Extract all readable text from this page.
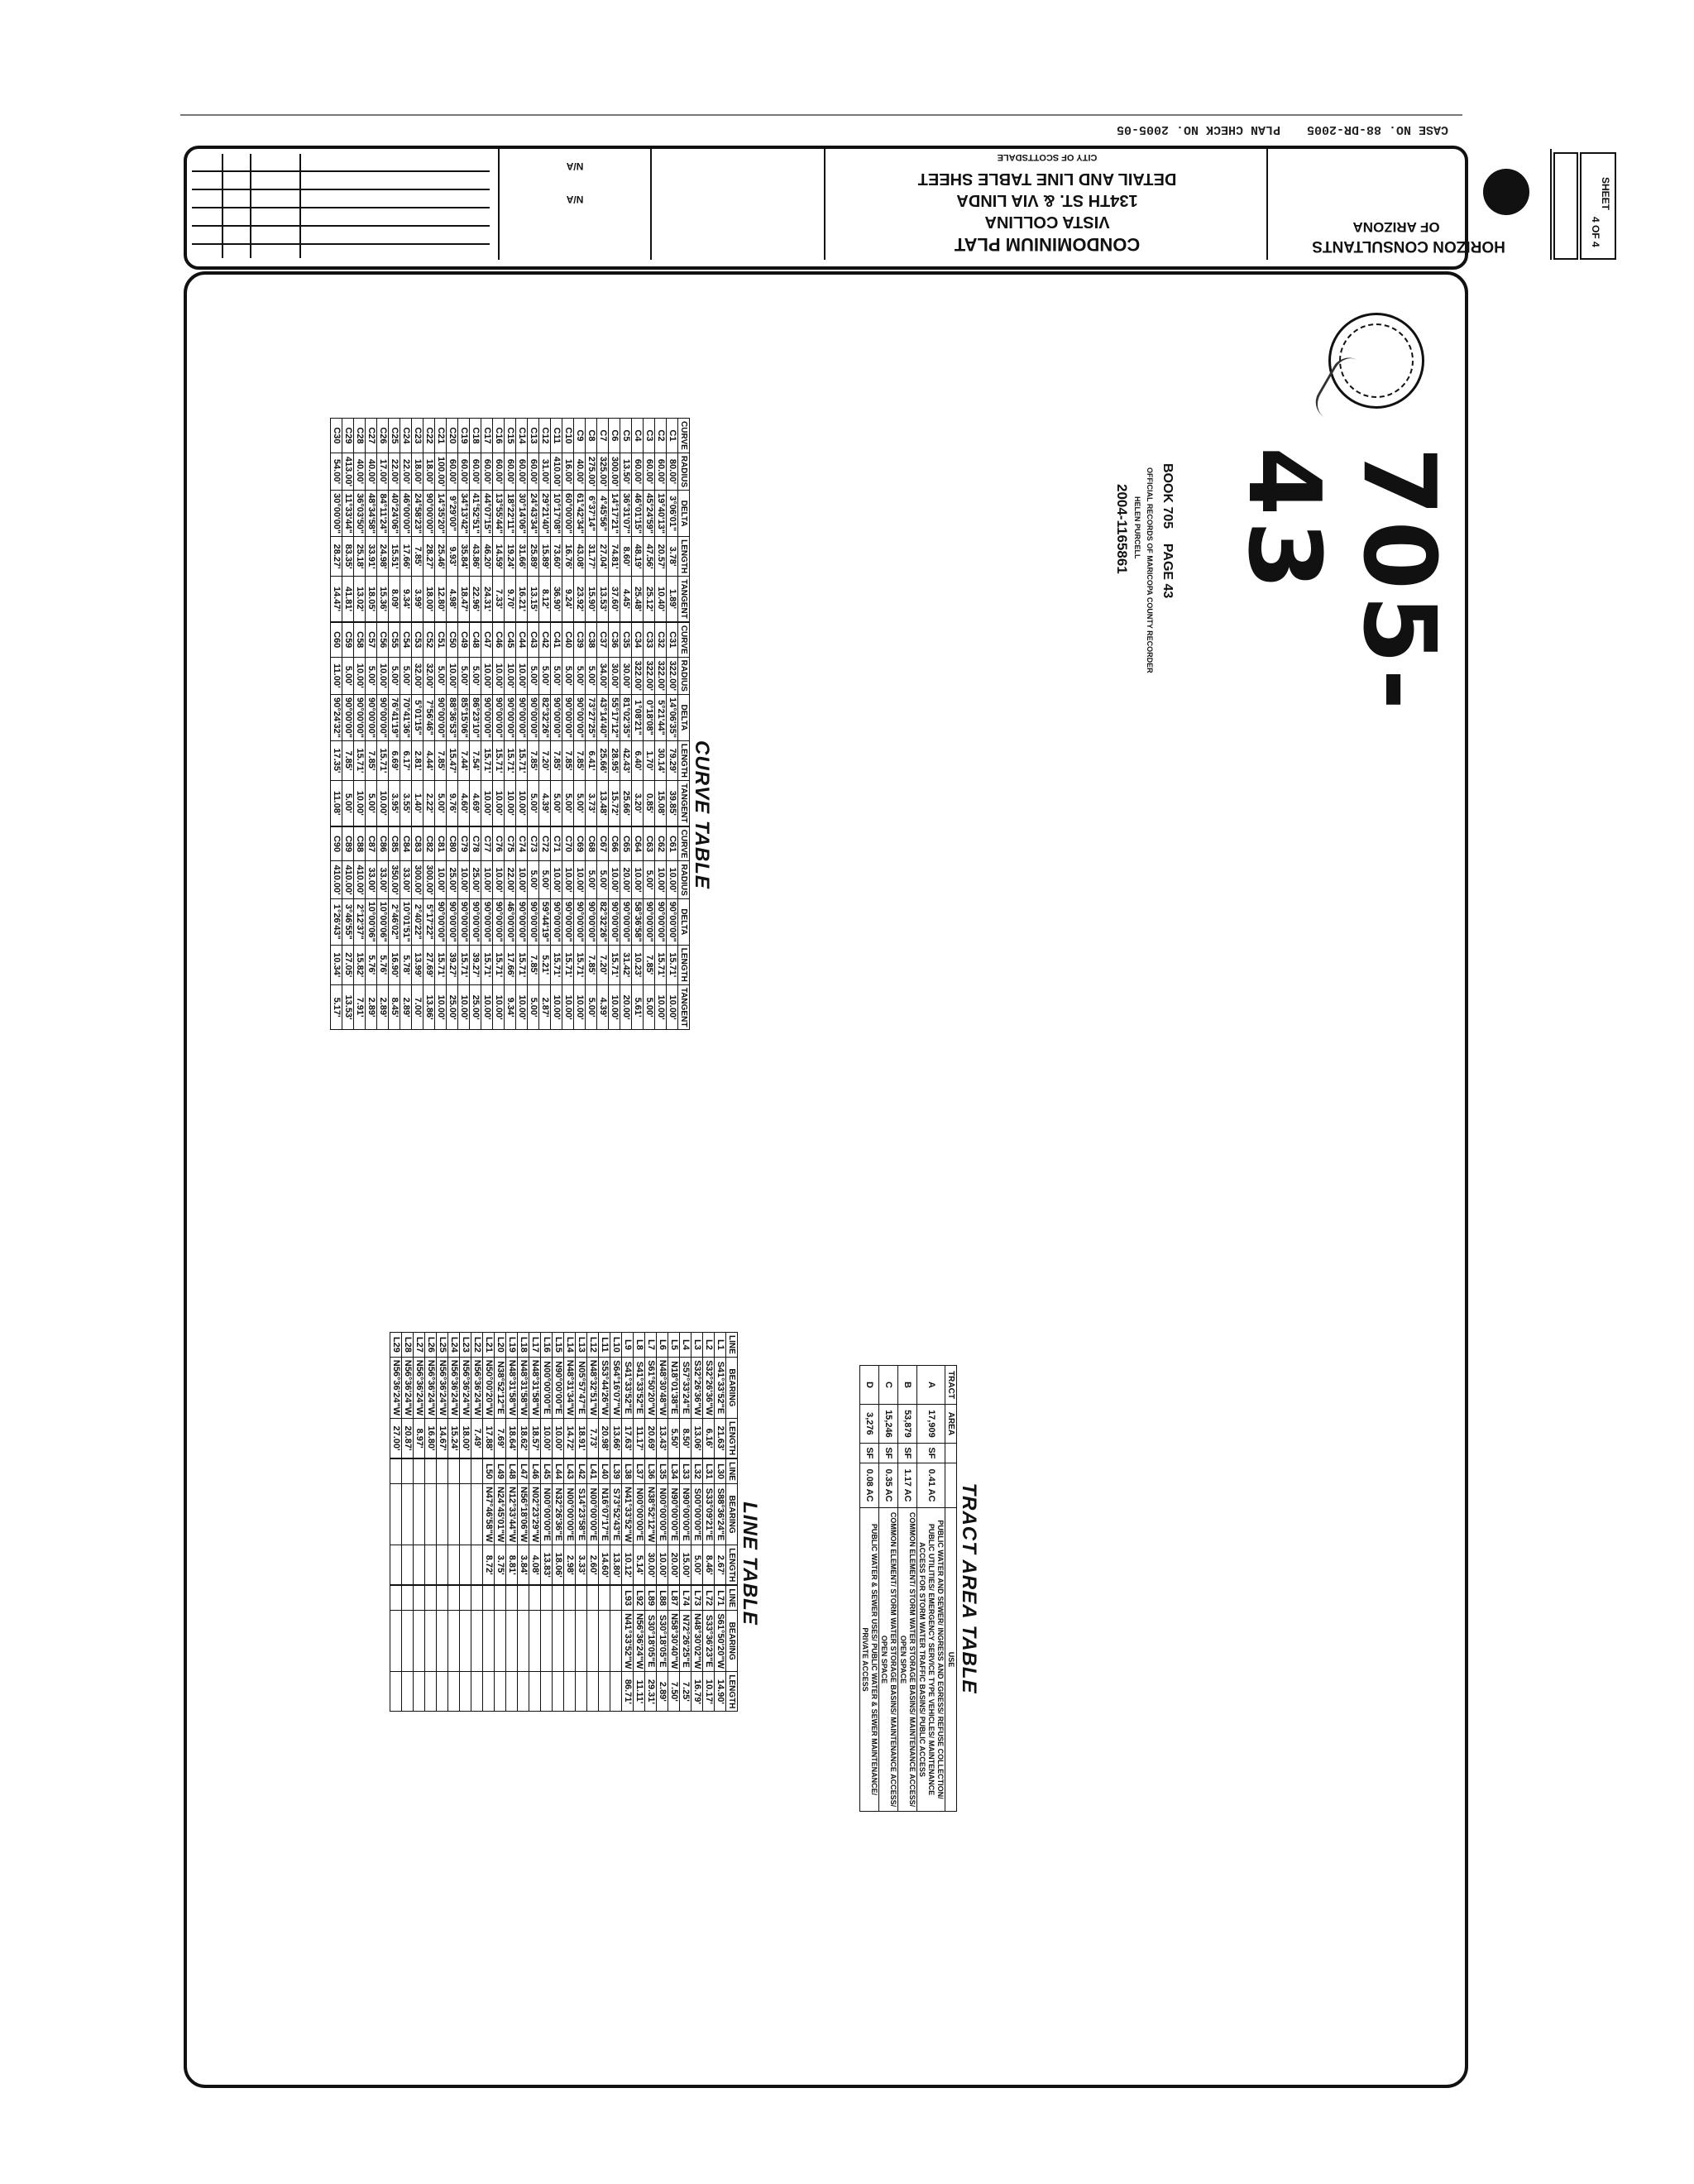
CASE NO. 88-DR-2005
PLAN CHECK NO. 2005-05
N/A
N/A
CITY OF SCOTTSDALE
DETAIL AND LINE TABLE SHEET
134TH ST. & VIA LINDA
VISTA COLLINA
CONDOMINIUM PLAT
OF ARIZONA
HORIZON CONSULTANTS
SHEET
4 OF 4
BOOK 705    PAGE 43
OFFICIAL RECORDS OF MARICOPA COUNTY RECORDER
HELEN PURCELL
2004-1165861	705-43
CURVE TABLE
CURVE	RADIUS	DELTA	LENGTH	TANGENT
C1	80.00'	3°06'01"	3.78'	1.89'
C2	60.00'	19°40'13"	20.57'	10.40'
C3	60.00'	45°24'59"	47.56'	25.12'
C4	60.00'	46°01'15"	48.19'	25.48'
C5	13.50'	36°31'07"	8.60'	4.45'
C6	300.00'	14°17'21"	74.81'	37.60'
C7	325.00'	4°45'56"	27.04'	13.53'
C8	275.00'	6°37'14"	31.77'	15.90'
C9	40.00'	61°42'34"	43.08'	23.92'
C10	16.00'	60°00'00"	16.76'	9.24'
C11	410.00'	10°17'08"	73.60'	36.90'
C12	31.00'	29°21'40"	15.89'	8.12'
C13	60.00'	24°43'34"	25.89'	13.15'
C14	60.00'	30°14'06"	31.66'	16.21'
C15	60.00'	18°22'11"	19.24'	9.70'
C16	60.00'	13°55'44"	14.59'	7.33'
C17	60.00'	44°07'15"	46.20'	24.31'
C18	60.00'	41°52'51"	43.86'	22.96'
C19	60.00'	34°13'42"	35.84'	18.47'
C20	60.00'	9°29'00"	9.93'	4.98'
C21	100.00'	14°35'20"	25.46'	12.80'
C22	18.00'	90°00'00"	28.27'	18.00'
C23	18.00'	24°58'23"	7.85'	3.99'
C24	22.00'	46°00'00"	17.66'	9.34'
C25	22.00'	40°24'06"	15.51'	8.09'
C26	17.00'	84°11'24"	24.98'	15.36'
C27	40.00'	48°34'58"	33.91'	18.05'
C28	40.00'	36°03'50"	25.18'	13.02'
C29	413.00'	11°33'44"	83.35'	41.81'
C30	54.00'	30°00'00"	28.27'	14.47'
CURVE	RADIUS	DELTA	LENGTH	TANGENT
C31	322.00'	14°06'35"	79.29'	39.85'
C32	322.00'	5°21'44"	30.14'	15.08'
C33	322.00'	0°18'08"	1.70'	0.85'
C34	322.00'	1°08'21"	6.40'	3.20'
C35	30.00'	81°02'35"	42.43'	25.66'
C36	30.00'	55°17'12"	28.95'	15.72'
C37	34.00'	43°14'40"	25.66'	13.48'
C38	5.00'	73°27'25"	6.41'	3.73'
C39	5.00'	90°00'00"	7.85'	5.00'
C40	5.00'	90°00'00"	7.85'	5.00'
C41	5.00'	90°00'00"	7.85'	5.00'
C42	5.00'	82°32'26"	7.20'	4.39'
C43	5.00'	90°00'00"	7.85'	5.00'
C44	10.00'	90°00'00"	15.71'	10.00'
C45	10.00'	90°00'00"	15.71'	10.00'
C46	10.00'	90°00'00"	15.71'	10.00'
C47	10.00'	90°00'00"	15.71'	10.00'
C48	5.00'	86°23'10"	7.54'	4.69'
C49	5.00'	85°15'06"	7.44'	4.60'
C50	10.00'	88°36'53"	15.47'	9.76'
C51	5.00'	90°00'00"	7.85'	5.00'
C52	32.00'	7°56'46"	4.44'	2.22'
C53	32.00'	5°01'15"	2.81'	1.40'
C54	5.00'	70°41'36"	6.17'	3.55'
C55	5.00'	76°41'19"	6.69'	3.95'
C56	10.00'	90°00'00"	15.71'	10.00'
C57	5.00'	90°00'00"	7.85'	5.00'
C58	10.00'	90°00'00"	15.71'	10.00'
C59	5.00'	90°00'00"	7.85'	5.00'
C60	11.00'	90°24'32"	17.35'	11.08'
CURVE	RADIUS	DELTA	LENGTH	TANGENT
C61	10.00'	90°00'00"	15.71'	10.00'
C62	10.00'	90°00'00"	15.71'	10.00'
C63	5.00'	90°00'00"	7.85'	5.00'
C64	10.00'	58°36'58"	10.23'	5.61'
C65	20.00'	90°00'00"	31.42'	20.00'
C66	10.00'	90°00'00"	15.71'	10.00'
C67	5.00'	82°32'26"	7.20'	4.39'
C68	5.00'	90°00'00"	7.85'	5.00'
C69	10.00'	90°00'00"	15.71'	10.00'
C70	10.00'	90°00'00"	15.71'	10.00'
C71	10.00'	90°00'00"	15.71'	10.00'
C72	5.00'	59°44'19"	5.21'	2.87'
C73	5.00'	90°00'00"	7.85'	5.00'
C74	10.00'	90°00'00"	15.71'	10.00'
C75	22.00'	46°00'00"	17.66'	9.34'
C76	10.00'	90°00'00"	15.71'	10.00'
C77	10.00'	90°00'00"	15.71'	10.00'
C78	25.00'	90°00'00"	39.27'	25.00'
C79	10.00'	90°00'00"	15.71'	10.00'
C80	25.00'	90°00'00"	39.27'	25.00'
C81	10.00'	90°00'00"	15.71'	10.00'
C82	300.00'	5°17'22"	27.69'	13.86'
C83	300.00'	2°40'22"	13.99'	7.00'
C84	33.00'	10°01'51"	5.78'	2.89'
C85	350.00'	2°46'02"	16.90'	8.45'
C86	33.00'	10°00'06"	5.76'	2.89'
C87	33.00'	10°00'06"	5.76'	2.89'
C88	410.00'	2°12'37"	15.82'	7.91'
C89	410.00'	3°46'55"	27.05'	13.53'
C90	410.00'	1°26'43"	10.34'	5.17'
LINE TABLE
LINE	BEARING	LENGTH
L1	S41°33'52"E	21.63'
L2	S32°26'36"W	6.16'
L3	S32°26'36"W	13.06'
L4	S57°33'24"E	8.50'
L5	N18°01'38"E	5.50'
L6	N48°30'48"W	13.43'
L7	S61°50'20"W	20.69'
L8	S41°33'52"E	11.17'
L9	S41°33'52"E	17.63'
L10	S64°16'07"W	13.66'
L11	S53°44'26"W	20.98'
L12	N48°32'51"W	7.73'
L13	N05°57'47"E	18.91'
L14	N48°31'34"W	14.72'
L15	N90°00'00"E	10.00'
L16	N00°00'00"E	10.00'
L17	N48°31'58"W	18.57'
L18	N48°31'58"W	18.62'
L19	N48°31'58"W	18.64'
L20	N38°52'12"E	7.69'
L21	N50°00'20"W	17.88'
L22	N56°36'24"W	7.49'
L23	N56°36'24"W	18.00'
L24	N56°36'24"W	15.24'
L25	N56°36'24"W	14.67'
L26	N56°36'24"W	16.80'
L27	N56°36'24"W	8.97'
L28	N56°36'24"W	20.87'
L29	N56°36'24"W	27.00'
LINE	BEARING	LENGTH
L30	S88°36'24"E	2.67'
L31	S33°09'21"E	8.46'
L32	S00°00'00"E	5.00'
L33	N90°00'00"E	15.00'
L34	N90°00'00"E	20.00'
L35	N00°00'00"E	10.00'
L36	N38°52'12"W	30.00'
L37	N00°00'00"E	5.14'
L38	N41°33'52"W	10.12'
L39	S73°52'43"E	13.80'
L40	N16°07'17"E	14.60'
L41	N00°00'00"E	2.60'
L42	S14°23'58"E	3.33'
L43	N00°00'00"E	2.98'
L44	N32°26'36"E	18.06'
L45	N00°00'00"E	13.83'
L46	N02°23'29"W	4.08'
L47	N56°18'06"W	3.84'
L48	N12°33'44"W	8.81'
L49	N24°45'01"W	3.75'
L50	N47°46'58"W	8.72'

LINE	BEARING	LENGTH
L71	S61°50'20"W	14.90'
L72	S33°36'23"E	10.17'
L73	N48°30'02"W	16.79'
L74	N72°26'25"E	7.25'
L87	N58°30'40"W	7.50'
L88	S30°18'05"E	2.89'
L89	S30°18'05"E	29.31'
L92	N56°36'24"W	11.11'
L93	N41°33'52"W	86.71'

			TRACT AREA TABLE
TRACT	AREA			USE
A	17,909	SF	0.41 AC	PUBLIC WATER AND SEWER/ INGRESS AND EGRESS/ REFUSE COLLECTION/ PUBLIC UTILITIES/ EMERGENCY SERVICE TYPE VEHICLES/ MAINTENANCE ACCESS FOR STORM WATER TRAFFIC BASINS/ PUBLIC ACCESS
B	53,879	SF	1.17 AC	COMMON ELEMENT/ STORM WATER STORAGE BASINS/ MAINTENANCE ACCESS/ OPEN SPACE
C	15,246	SF	0.35 AC	COMMON ELEMENT/ STORM WATER STORAGE BASINS/ MAINTENANCE ACCESS/ OPEN SPACE
D	3,276	SF	0.08 AC	PUBLIC WATER & SEWER USES/ PUBLIC WATER & SEWER MAINTENANCE/ PRIVATE ACCESS
